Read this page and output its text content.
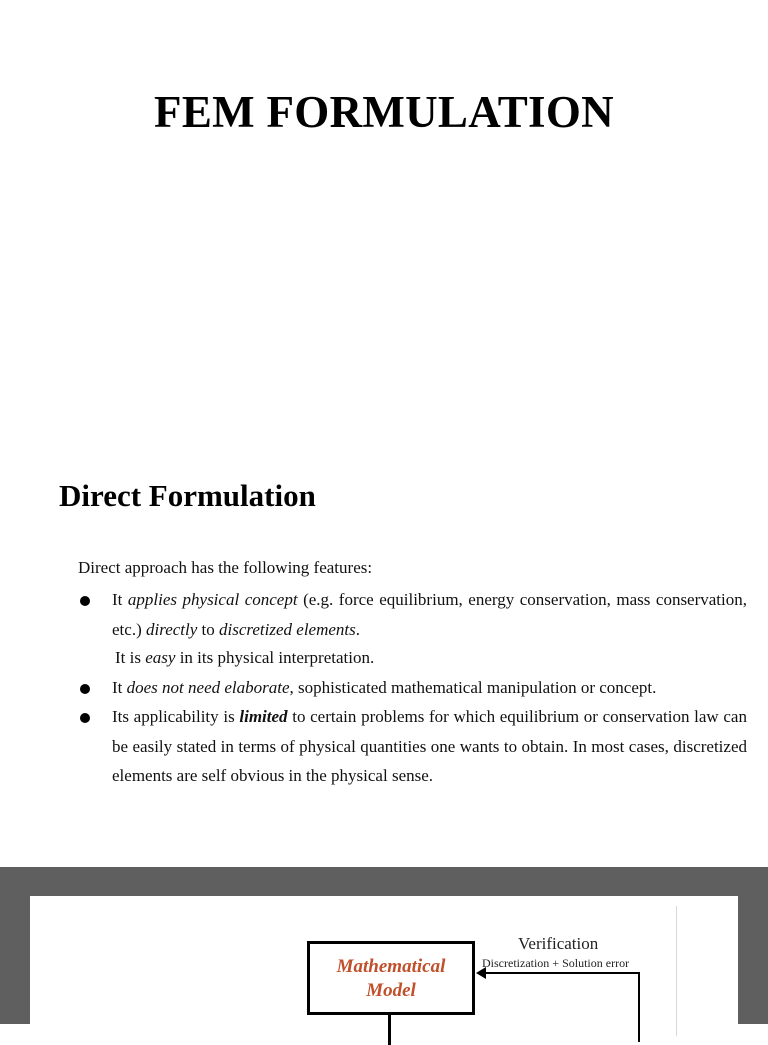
FEM FORMULATION
Direct Formulation
Direct approach has the following features:
It applies physical concept (e.g. force equilibrium, energy conservation, mass conservation, etc.) directly to discretized elements.
It is easy in its physical interpretation.
It does not need elaborate, sophisticated mathematical manipulation or concept.
Its applicability is limited to certain problems for which equilibrium or conservation law can be easily stated in terms of physical quantities one wants to obtain. In most cases, discretized elements are self obvious in the physical sense.
Mathematical
Model
Verification
Discretization + Solution error
